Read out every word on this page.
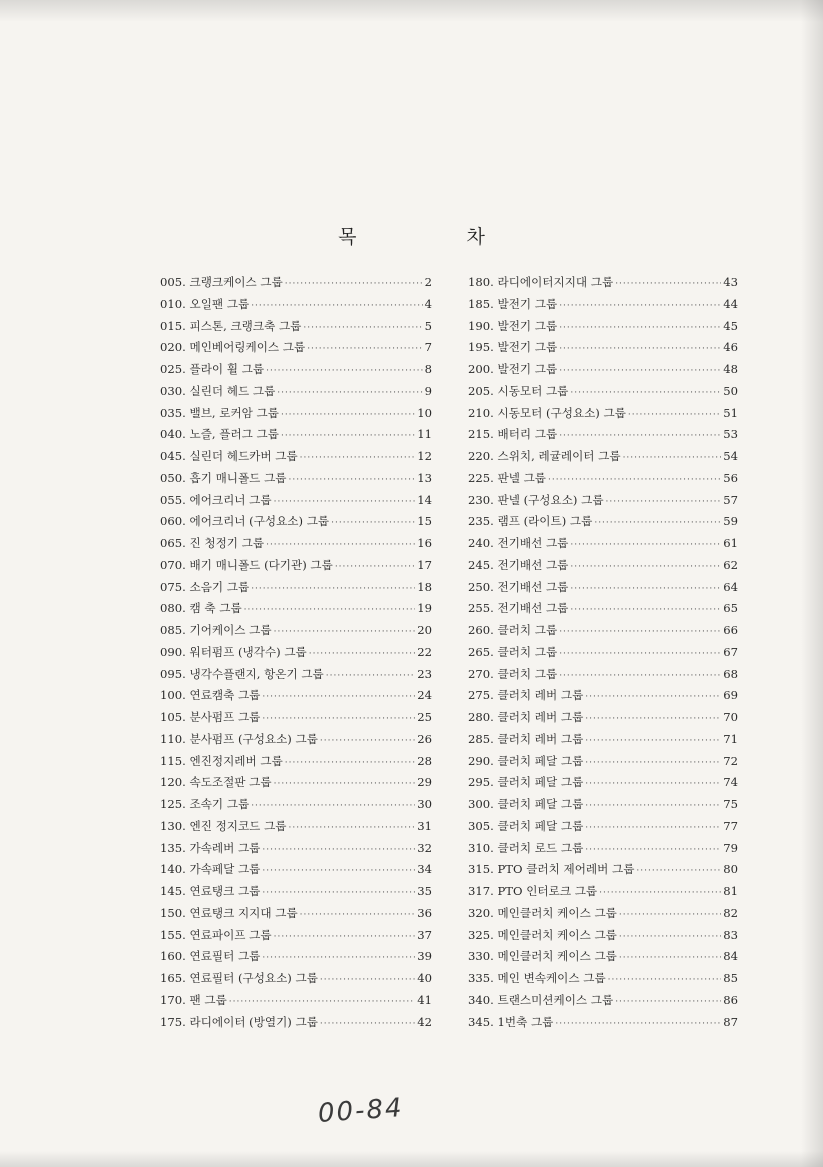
목 차
005. 크랭크케이스 그룹 ·····	2
010. 오일팬 그룹 ·····	4
015. 피스톤, 크랭크축 그룹 ·····	5
020. 메인베어링케이스 그룹 ·····	7
025. 플라이 휠 그룹 ·····	8
030. 실린더 헤드 그룹 ·····	9
035. 밸브, 로커암 그룹 ·····	10
040. 노즐, 플러그 그룹 ·····	11
045. 실린더 헤드카버 그룹 ·····	12
050. 흡기 매니폴드 그룹 ·····	13
055. 에어크리너 그룹 ·····	14
060. 에어크리너 (구성요소) 그룹 ·····	15
065. 진 청정기 그룹 ·····	16
070. 배기 매니폴드 (다기관) 그룹 ·····	17
075. 소음기 그룹 ·····	18
080. 캠 축 그룹 ·····	19
085. 기어케이스 그룹 ·····	20
090. 워터펌프 (냉각수) 그룹 ·····	22
095. 냉각수플랜지, 항온기 그룹 ·····	23
100. 연료캠축 그룹 ·····	24
105. 분사펌프 그룹 ·····	25
110. 분사펌프 (구성요소) 그룹 ·····	26
115. 엔진정지레버 그룹 ·····	28
120. 속도조절판 그룹 ·····	29
125. 조속기 그룹 ·····	30
130. 엔진 정지코드 그룹 ·····	31
135. 가속레버 그룹 ·····	32
140. 가속페달 그룹 ·····	34
145. 연료탱크 그룹 ·····	35
150. 연료탱크 지지대 그룹 ·····	36
155. 연료파이프 그룹 ·····	37
160. 연료필터 그룹 ·····	39
165. 연료필터 (구성요소) 그룹 ·····	40
170. 팬 그룹 ·····	41
175. 라디에이터 (방열기) 그룹 ·····	42
180. 라디에이터지지대 그룹 ·····	43
185. 발전기 그룹 ·····	44
190. 발전기 그룹 ·····	45
195. 발전기 그룹 ·····	46
200. 발전기 그룹 ·····	48
205. 시동모터 그룹 ·····	50
210. 시동모터 (구성요소) 그룹 ·····	51
215. 배터리 그룹 ·····	53
220. 스위치, 레귤레이터 그룹 ·····	54
225. 판넬 그룹 ·····	56
230. 판넬 (구성요소) 그룹 ·····	57
235. 램프 (라이트) 그룹 ·····	59
240. 전기배선 그룹 ·····	61
245. 전기배선 그룹 ·····	62
250. 전기배선 그룹 ·····	64
255. 전기배선 그룹 ·····	65
260. 클러치 그룹 ·····	66
265. 클러치 그룹 ·····	67
270. 클러치 그룹 ·····	68
275. 클러치 레버 그룹 ·····	69
280. 클러치 레버 그룹 ·····	70
285. 클러치 레버 그룹 ·····	71
290. 클러치 페달 그룹 ·····	72
295. 클러치 페달 그룹 ·····	74
300. 클러치 페달 그룹 ·····	75
305. 클러치 페달 그룹 ·····	77
310. 클러치 로드 그룹 ·····	79
315. PTO 클러치 제어레버 그룹 ·····	80
317. PTO 인터로크 그룹 ·····	81
320. 메인클러치 케이스 그룹 ·····	82
325. 메인클러치 케이스 그룹 ·····	83
330. 메인클러치 케이스 그룹 ·····	84
335. 메인 변속케이스 그룹 ·····	85
340. 트랜스미션케이스 그룹 ·····	86
345. 1번축 그룹 ·····	87
00-84
